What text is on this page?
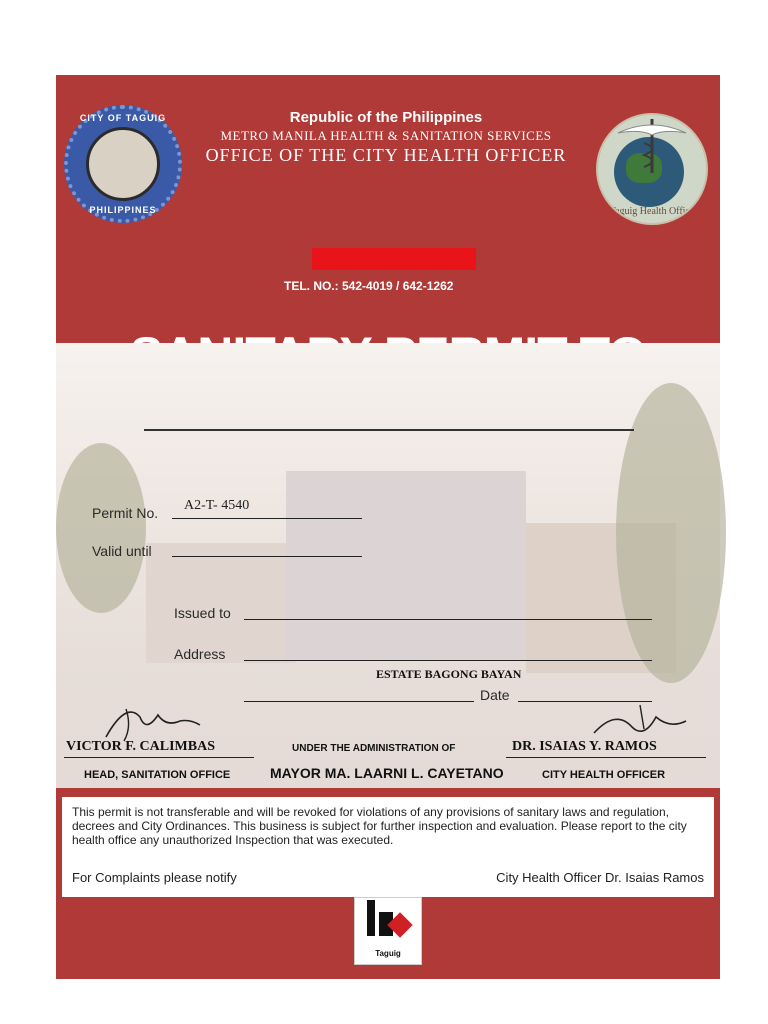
CITY OF TAGUIG
PHILIPPINES
Republic of the Philippines
METRO MANILA HEALTH & SANITATION SERVICES
OFFICE OF THE CITY HEALTH OFFICER
TEL. NO.: 542-4019 / 642-1262
Taguig Health Office
Permit No. A2-T- 4540
Valid until
Issued to
Address
ESTATE BAGONG BAYAN
Date
VICTOR F. CALIMBAS
HEAD, SANITATION OFFICE
UNDER THE ADMINISTRATION OF
MAYOR MA. LAARNI L. CAYETANO
DR. ISAIAS Y. RAMOS
CITY HEALTH OFFICER
This permit is not transferable and will be revoked for violations of any provisions of sanitary laws and regulation, decrees and City Ordinances. This business is subject for further inspection and evaluation. Please report to the city health office any unauthorized Inspection that was executed.
For Complaints please notify	City Health Officer Dr. Isaias Ramos
Taguig
